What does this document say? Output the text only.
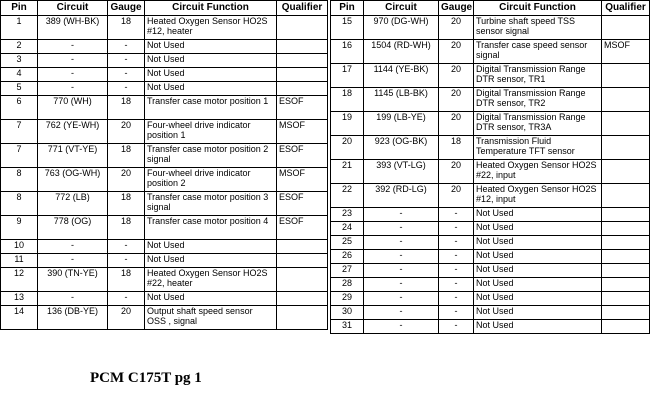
Pin	Circuit	Gauge	Circuit Function	Qualifier
1	389 (WH-BK)	18	Heated Oxygen Sensor HO2S #12, heater	
2	-	-	Not Used	
3	-	-	Not Used	
4	-	-	Not Used	
5	-	-	Not Used	
6	770 (WH)	18	Transfer case motor position 1	ESOF
7	762 (YE-WH)	20	Four-wheel drive indicator position 1	MSOF
7	771 (VT-YE)	18	Transfer case motor position 2 signal	ESOF
8	763 (OG-WH)	20	Four-wheel drive indicator position 2	MSOF
8	772 (LB)	18	Transfer case motor position 3 signal	ESOF
9	778 (OG)	18	Transfer case motor position 4	ESOF
10	-	-	Not Used	
11	-	-	Not Used	
12	390 (TN-YE)	18	Heated Oxygen Sensor HO2S #22, heater	
13	-	-	Not Used	
14	136 (DB-YE)	20	Output shaft speed sensor OSS , signal	
Pin	Circuit	Gauge	Circuit Function	Qualifier
15	970 (DG-WH)	20	Turbine shaft speed TSS sensor signal	
16	1504 (RD-WH)	20	Transfer case speed sensor signal	MSOF
17	1144 (YE-BK)	20	Digital Transmission Range DTR sensor, TR1	
18	1145 (LB-BK)	20	Digital Transmission Range DTR sensor, TR2	
19	199 (LB-YE)	20	Digital Transmission Range DTR sensor, TR3A	
20	923 (OG-BK)	18	Transmission Fluid Temperature TFT sensor	
21	393 (VT-LG)	20	Heated Oxygen Sensor HO2S #22, input	
22	392 (RD-LG)	20	Heated Oxygen Sensor HO2S #12, input	
23	-	-	Not Used	
24	-	-	Not Used	
25	-	-	Not Used	
26	-	-	Not Used	
27	-	-	Not Used	
28	-	-	Not Used	
29	-	-	Not Used	
30	-	-	Not Used	
31	-	-	Not Used	
PCM C175T pg 1
